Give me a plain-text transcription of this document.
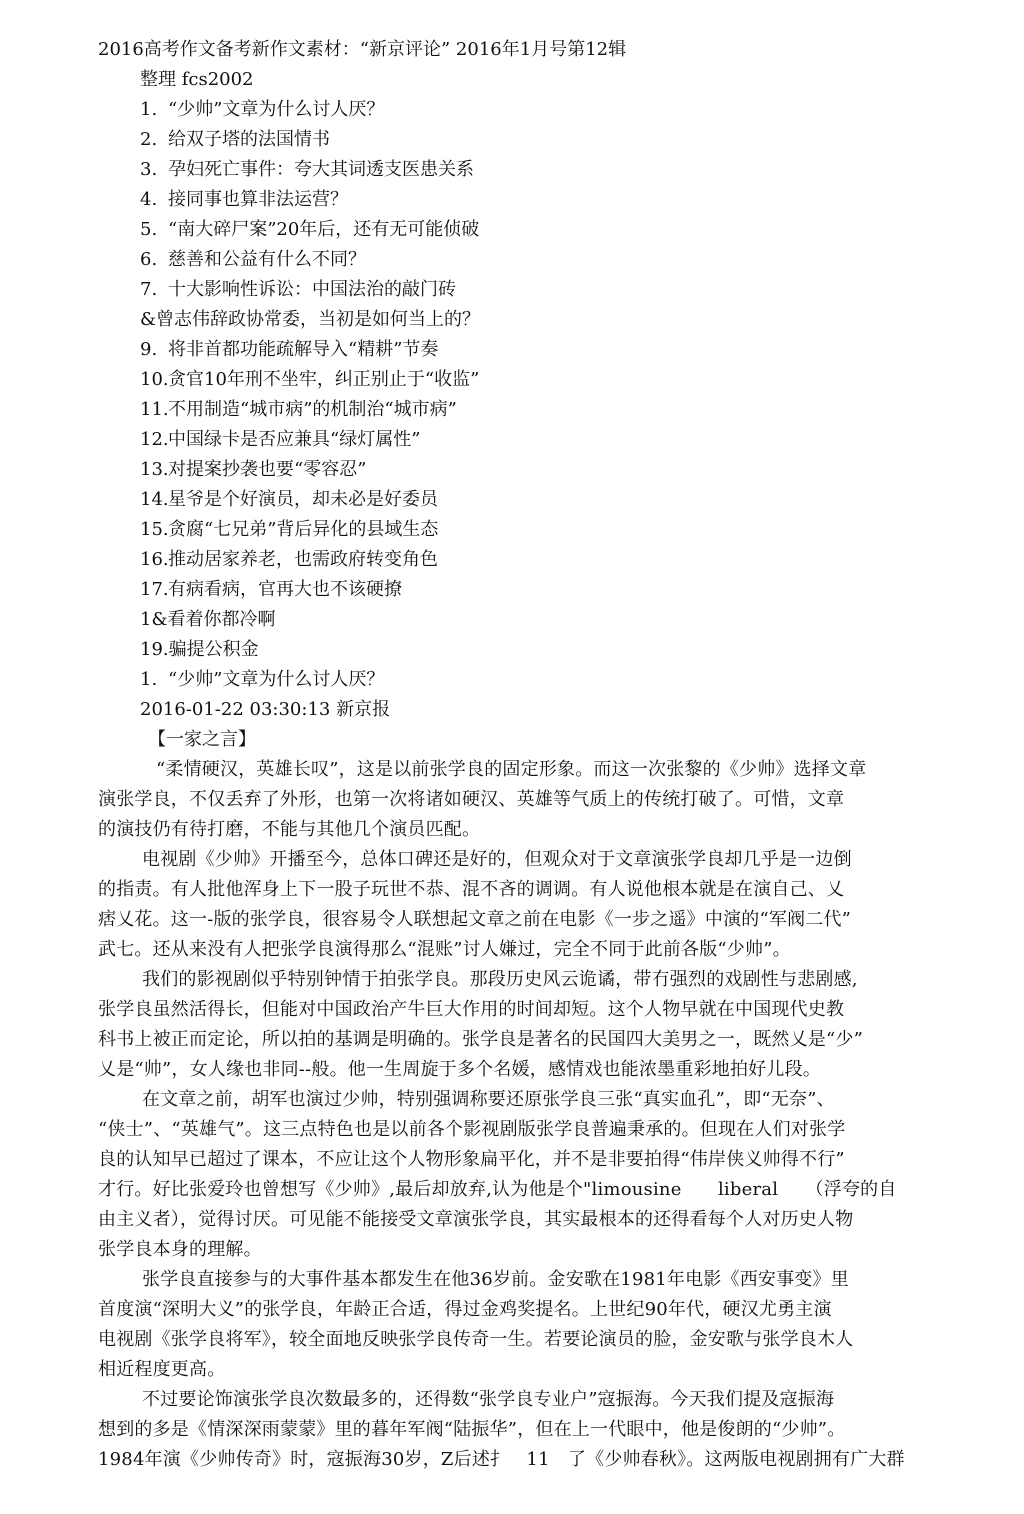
2016高考作文备考新作文素材：“新京评论” 2016年1月号第12辑
整理 fcs2002
1. “少帅”文章为什么讨人厌？
2. 给双子塔的法国情书
3. 孕妇死亡事件：夸大其词透支医患关系
4. 接同事也算非法运营？
5. “南大碎尸案”20年后，还有无可能侦破
6. 慈善和公益有什么不同？
7. 十大影响性诉讼：中国法治的敲门砖
&曾志伟辞政协常委，当初是如何当上的？
9. 将非首都功能疏解导入“精耕”节奏
10.贪官10年刑不坐牢，纠正别止于“收监”
11.不用制造“城市病”的机制治“城市病”
12.中国绿卡是否应兼具“绿灯属性”
13.对提案抄袭也要“零容忍”
14.星爷是个好演员，却未必是好委员
15.贪腐“七兄弟”背后异化的县域生态
16.推动居家养老，也需政府转变角色
17.有病看病，官再大也不该硬撩
1&看着你都冷啊
19.骗提公积金
1. “少帅”文章为什么讨人厌？
2016-01-22 03:30:13 新京报
【一家之言】
“柔情硬汉，英雄长叹”，这是以前张学良的固定形象。而这一次张黎的《少帅》选择文章
演张学良，不仅丢弃了外形，也第一次将诸如硬汉、英雄等气质上的传统打破了。可惜，文章
的演技仍有待打磨，不能与其他几个演员匹配。
电视剧《少帅》开播至今，总体口碑还是好的，但观众对于文章演张学良却几乎是一边倒
的指责。有人批他浑身上下一股子玩世不恭、混不吝的调调。有人说他根本就是在演自己、乂
痞乂花。这一-版的张学良，很容易令人联想起文章之前在电影《一步之遥》中演的“军阀二代”
武七。还从来没有人把张学良演得那么“混账”讨人嫌过，完全不同于此前各版“少帅”。
我们的影视剧似乎特别钟情于拍张学良。那段历史风云诡谲，带冇强烈的戏剧性与悲剧感,
张学良虽然活得长，但能对中国政治产牛巨大作用的时间却短。这个人物早就在中国现代史教
科书上被正而定论，所以拍的基调是明确的。张学良是著名的民国四大美男之一，既然乂是“少”
乂是“帅”，女人缘也非同--般。他一生周旋于多个名媛，感情戏也能浓墨重彩地拍好儿段。
在文章之前，胡军也演过少帅，特别强调称要还原张学良三张“真实血孔”，即“无奈”、
“侠士”、“英雄气”。这三点特色也是以前各个影视剧版张学良普遍秉承的。但现在人们对张学
良的认知早已超过了课本，不应让这个人物形象扁平化，并不是非要拍得“伟岸侠义帅得不行”
才行。好比张爱玲也曾想写《少帅》,最后却放弃,认为他是个"limousine　　liberal　　（浮夸的自
由主义者），觉得讨厌。可见能不能接受文章演张学良，其实最根本的还得看每个人对历史人物
张学良本身的理解。
张学良直接参与的大事件基本都发生在他36岁前。金安歌在1981年电影《西安事变》里
首度演“深明大义”的张学良，年龄正合适，得过金鸡奖提名。上世纪90年代，硬汉尤勇主演
电视剧《张学良将军》，较全面地反映张学良传奇一生。若要论演员的脸，金安歌与张学良木人
相近程度更高。
不过要论饰演张学良次数最多的，还得数“张学良专业户”寇振海。今天我们提及寇振海
想到的多是《情深深雨蒙蒙》里的暮年军阀“陆振华”，但在上一代眼中，他是俊朗的“少帅”。
1984年演《少帅传奇》时，寇振海30岁，Z后述扌　11　了《少帅春秋》。这两版电视剧拥有广大群
